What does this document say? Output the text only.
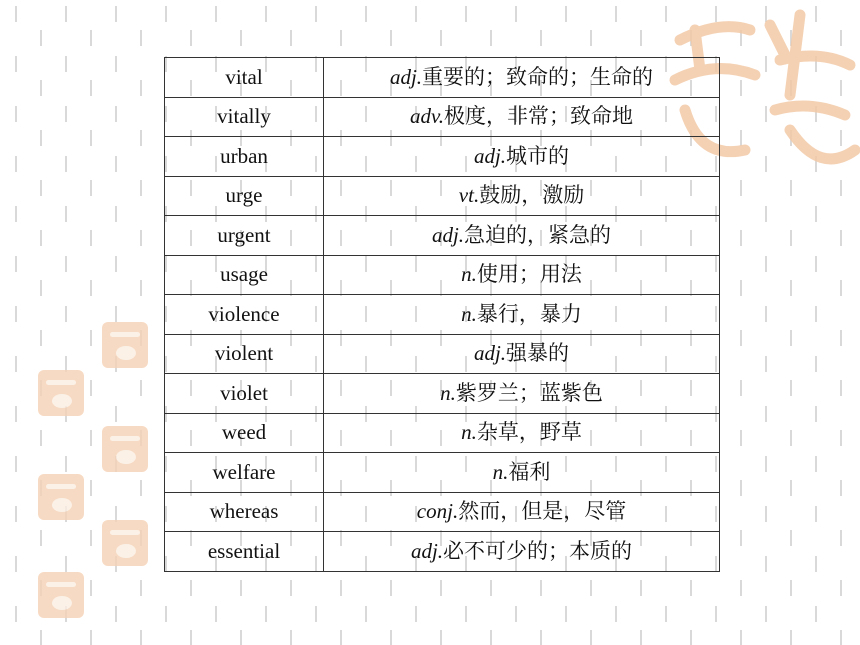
vital	adj.重要的；致命的；生命的
vitally	adv.极度，非常；致命地
urban	adj.城市的
urge	vt.鼓励，激励
urgent	adj.急迫的，紧急的
usage	n.使用；用法
violence	n.暴行，暴力
violent	adj.强暴的
violet	n.紫罗兰；蓝紫色
weed	n.杂草，野草
welfare	n.福利
whereas	conj.然而，但是，尽管
essential	adj.必不可少的；本质的
